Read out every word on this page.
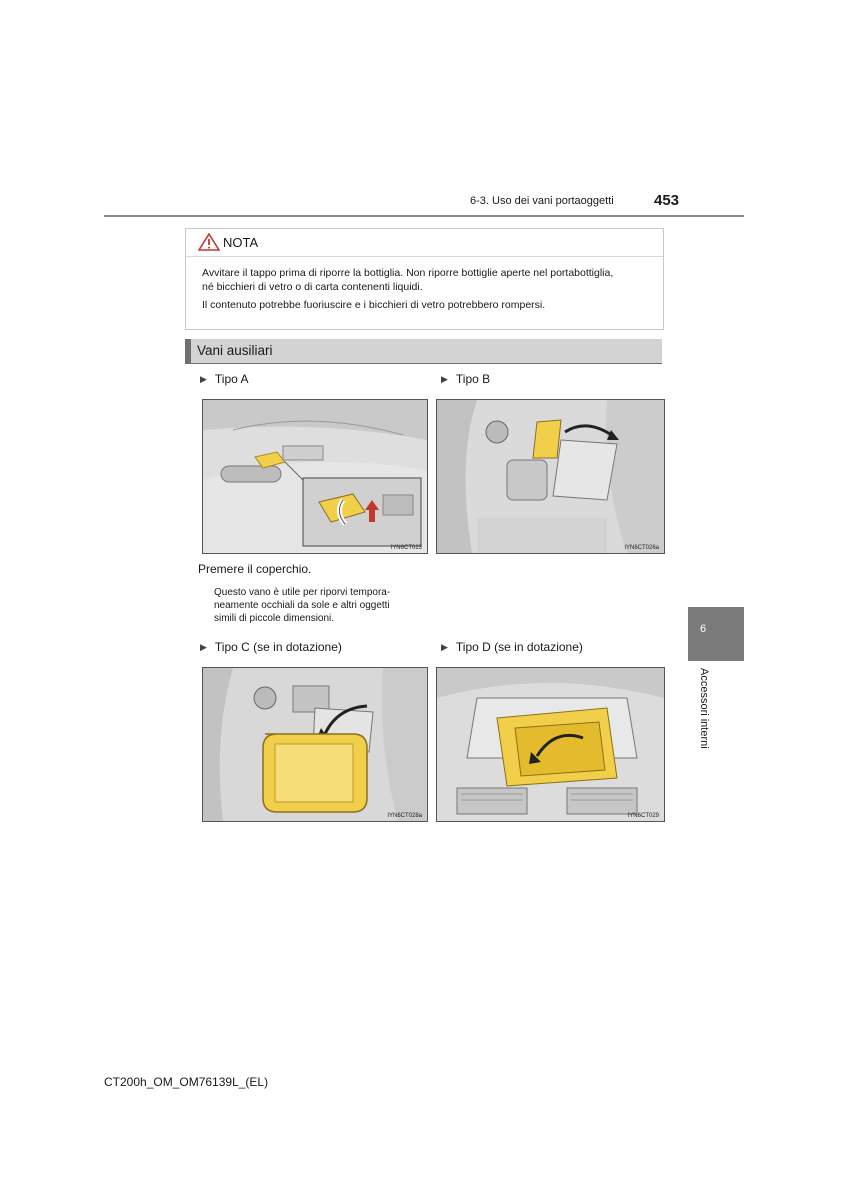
6-3. Uso dei vani portaoggetti	453
NOTA

Avvitare il tappo prima di riporre la bottiglia. Non riporre bottiglie aperte nel portabottiglia,
né bicchieri di vetro o di carta contenenti liquidi.

Il contenuto potrebbe fuoriuscire e i bicchieri di vetro potrebbero rompersi.

Vani ausiliari
▶ Tipo A	▶ Tipo B
IYN6CT023	IYN6CT026a
Premere il coperchio.
Questo vano è utile per riporvi tempora-
neamente occhiali da sole e altri oggetti
simili di piccole dimensioni.
▶ Tipo C (se in dotazione)	▶ Tipo D (se in dotazione)
IYN6CT028a	IYN6CT029
6
Accessori interni
CT200h_OM_OM76139L_(EL)
